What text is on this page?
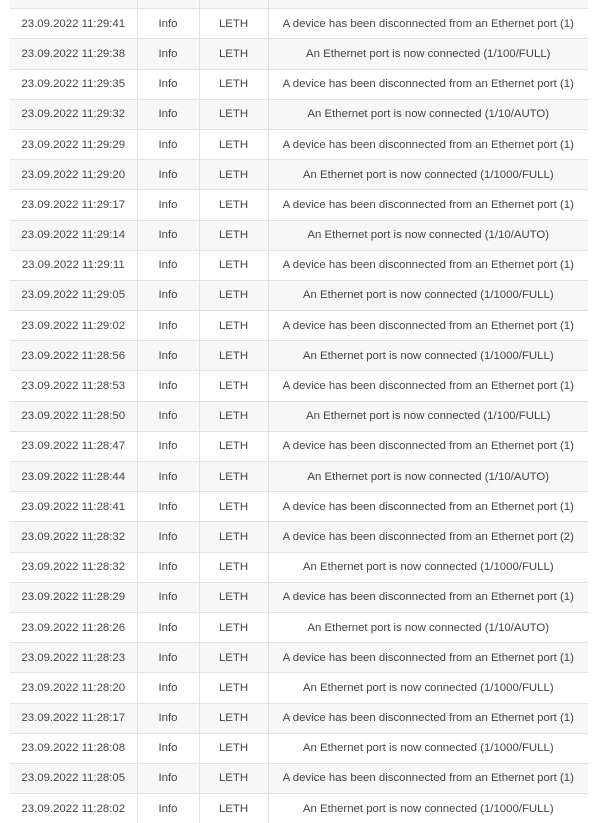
23.09.2022 11:29:41	Info	LETH	A device has been disconnected from an Ethernet port (1)
23.09.2022 11:29:38	Info	LETH	An Ethernet port is now connected (1/100/FULL)
23.09.2022 11:29:35	Info	LETH	A device has been disconnected from an Ethernet port (1)
23.09.2022 11:29:32	Info	LETH	An Ethernet port is now connected (1/10/AUTO)
23.09.2022 11:29:29	Info	LETH	A device has been disconnected from an Ethernet port (1)
23.09.2022 11:29:20	Info	LETH	An Ethernet port is now connected (1/1000/FULL)
23.09.2022 11:29:17	Info	LETH	A device has been disconnected from an Ethernet port (1)
23.09.2022 11:29:14	Info	LETH	An Ethernet port is now connected (1/10/AUTO)
23.09.2022 11:29:11	Info	LETH	A device has been disconnected from an Ethernet port (1)
23.09.2022 11:29:05	Info	LETH	An Ethernet port is now connected (1/1000/FULL)
23.09.2022 11:29:02	Info	LETH	A device has been disconnected from an Ethernet port (1)
23.09.2022 11:28:56	Info	LETH	An Ethernet port is now connected (1/1000/FULL)
23.09.2022 11:28:53	Info	LETH	A device has been disconnected from an Ethernet port (1)
23.09.2022 11:28:50	Info	LETH	An Ethernet port is now connected (1/100/FULL)
23.09.2022 11:28:47	Info	LETH	A device has been disconnected from an Ethernet port (1)
23.09.2022 11:28:44	Info	LETH	An Ethernet port is now connected (1/10/AUTO)
23.09.2022 11:28:41	Info	LETH	A device has been disconnected from an Ethernet port (1)
23.09.2022 11:28:32	Info	LETH	A device has been disconnected from an Ethernet port (2)
23.09.2022 11:28:32	Info	LETH	An Ethernet port is now connected (1/1000/FULL)
23.09.2022 11:28:29	Info	LETH	A device has been disconnected from an Ethernet port (1)
23.09.2022 11:28:26	Info	LETH	An Ethernet port is now connected (1/10/AUTO)
23.09.2022 11:28:23	Info	LETH	A device has been disconnected from an Ethernet port (1)
23.09.2022 11:28:20	Info	LETH	An Ethernet port is now connected (1/1000/FULL)
23.09.2022 11:28:17	Info	LETH	A device has been disconnected from an Ethernet port (1)
23.09.2022 11:28:08	Info	LETH	An Ethernet port is now connected (1/1000/FULL)
23.09.2022 11:28:05	Info	LETH	A device has been disconnected from an Ethernet port (1)
23.09.2022 11:28:02	Info	LETH	An Ethernet port is now connected (1/1000/FULL)
